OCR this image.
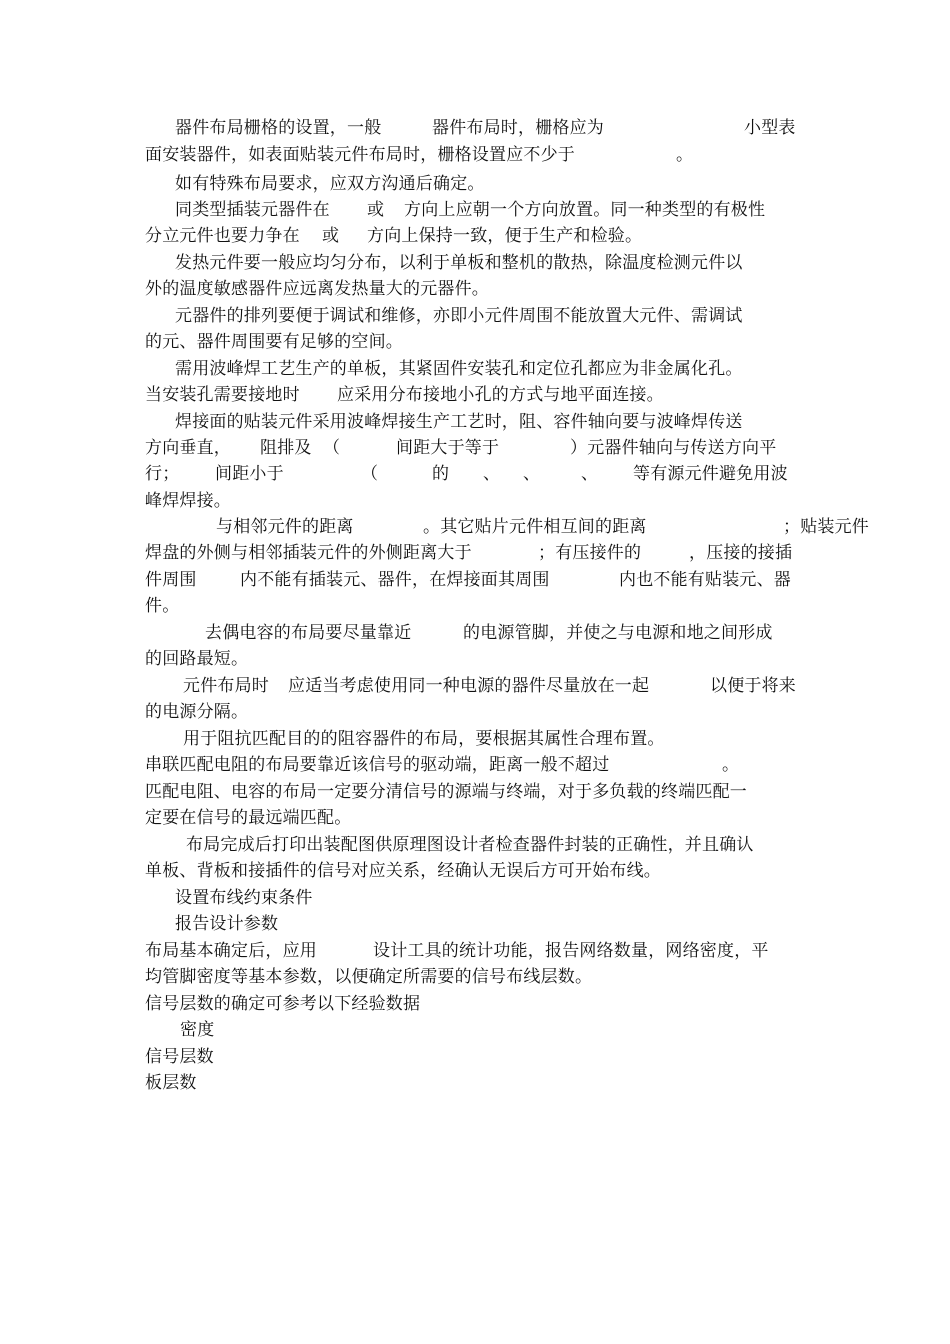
器件布局栅格的设置，一般	器件布局时，栅格应为	小型表
面安装器件，如表面贴装元件布局时，栅格设置应不少于	。
如有特殊布局要求，应双方沟通后确定。
同类型插装元器件在 或 方向上应朝一个方向放置。同一种类型的有极性
分立元件也要力争在 或 方向上保持一致，便于生产和检验。
发热元件要一般应均匀分布，以利于单板和整机的散热，除温度检测元件以
外的温度敏感器件应远离发热量大的元器件。
元器件的排列要便于调试和维修，亦即小元件周围不能放置大元件、需调试
的元、器件周围要有足够的空间。
需用波峰焊工艺生产的单板，其紧固件安装孔和定位孔都应为非金属化孔。
当安装孔需要接地时 应采用分布接地小孔的方式与地平面连接。
焊接面的贴装元件采用波峰焊接生产工艺时，阻、容件轴向要与波峰焊传送
方向垂直， 阻排及 （	间距大于等于	）元器件轴向与传送方向平
行； 间距小于	（	的 、 、 、 等有源元件避免用波
峰焊焊接。
与相邻元件的距离	。其它贴片元件相互间的距离	；贴装元件
焊盘的外侧与相邻插装元件的外侧距离大于	；有压接件的	，压接的接插
件周围	内不能有插装元、器件，在焊接面其周围	内也不能有贴装元、器
件。
去偶电容的布局要尽量靠近	的电源管脚，并使之与电源和地之间形成
的回路最短。
元件布局时 应适当考虑使用同一种电源的器件尽量放在一起	以便于将来
的电源分隔。
用于阻抗匹配目的的阻容器件的布局，要根据其属性合理布置。
串联匹配电阻的布局要靠近该信号的驱动端，距离一般不超过	。
匹配电阻、电容的布局一定要分清信号的源端与终端，对于多负载的终端匹配一
定要在信号的最远端匹配。
布局完成后打印出装配图供原理图设计者检查器件封装的正确性，并且确认
单板、背板和接插件的信号对应关系，经确认无误后方可开始布线。
设置布线约束条件
报告设计参数
布局基本确定后，应用	设计工具的统计功能，报告网络数量，网络密度，平
均管脚密度等基本参数，以便确定所需要的信号布线层数。
信号层数的确定可参考以下经验数据
密度
信号层数
板层数
